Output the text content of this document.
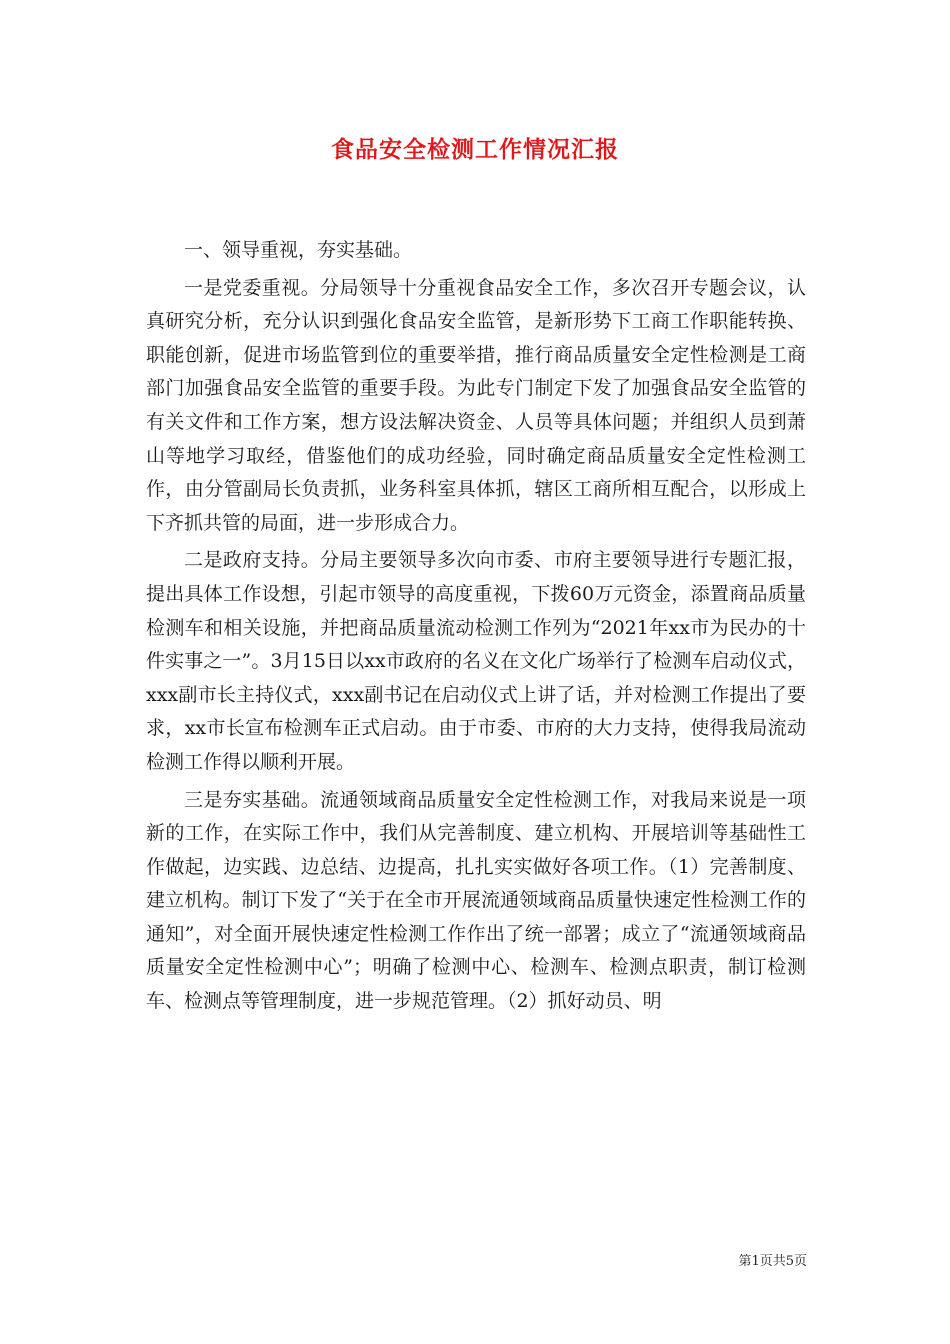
食品安全检测工作情况汇报

一、领导重视，夯实基础。

一是党委重视。分局领导十分重视食品安全工作，多次召开专题会议，认真研究分析，充分认识到强化食品安全监管，是新形势下工商工作职能转换、职能创新，促进市场监管到位的重要举措，推行商品质量安全定性检测是工商部门加强食品安全监管的重要手段。为此专门制定下发了加强食品安全监管的有关文件和工作方案，想方设法解决资金、人员等具体问题；并组织人员到萧山等地学习取经，借鉴他们的成功经验，同时确定商品质量安全定性检测工作，由分管副局长负责抓，业务科室具体抓，辖区工商所相互配合，以形成上下齐抓共管的局面，进一步形成合力。

二是政府支持。分局主要领导多次向市委、市府主要领导进行专题汇报，提出具体工作设想，引起市领导的高度重视，下拨60万元资金，添置商品质量检测车和相关设施，并把商品质量流动检测工作列为“2021年xx市为民办的十件实事之一”。3月15日以xx市政府的名义在文化广场举行了检测车启动仪式，xxx副市长主持仪式，xxx副书记在启动仪式上讲了话，并对检测工作提出了要求，xx市长宣布检测车正式启动。由于市委、市府的大力支持，使得我局流动检测工作得以顺利开展。

三是夯实基础。流通领域商品质量安全定性检测工作，对我局来说是一项新的工作，在实际工作中，我们从完善制度、建立机构、开展培训等基础性工作做起，边实践、边总结、边提高，扎扎实实做好各项工作。（1）完善制度、建立机构。制订下发了“关于在全市开展流通领域商品质量快速定性检测工作的通知”，对全面开展快速定性检测工作作出了统一部署；成立了“流通领域商品质量安全定性检测中心”；明确了检测中心、检测车、检测点职责，制订检测车、检测点等管理制度，进一步规范管理。（2）抓好动员、明

第1页共5页
